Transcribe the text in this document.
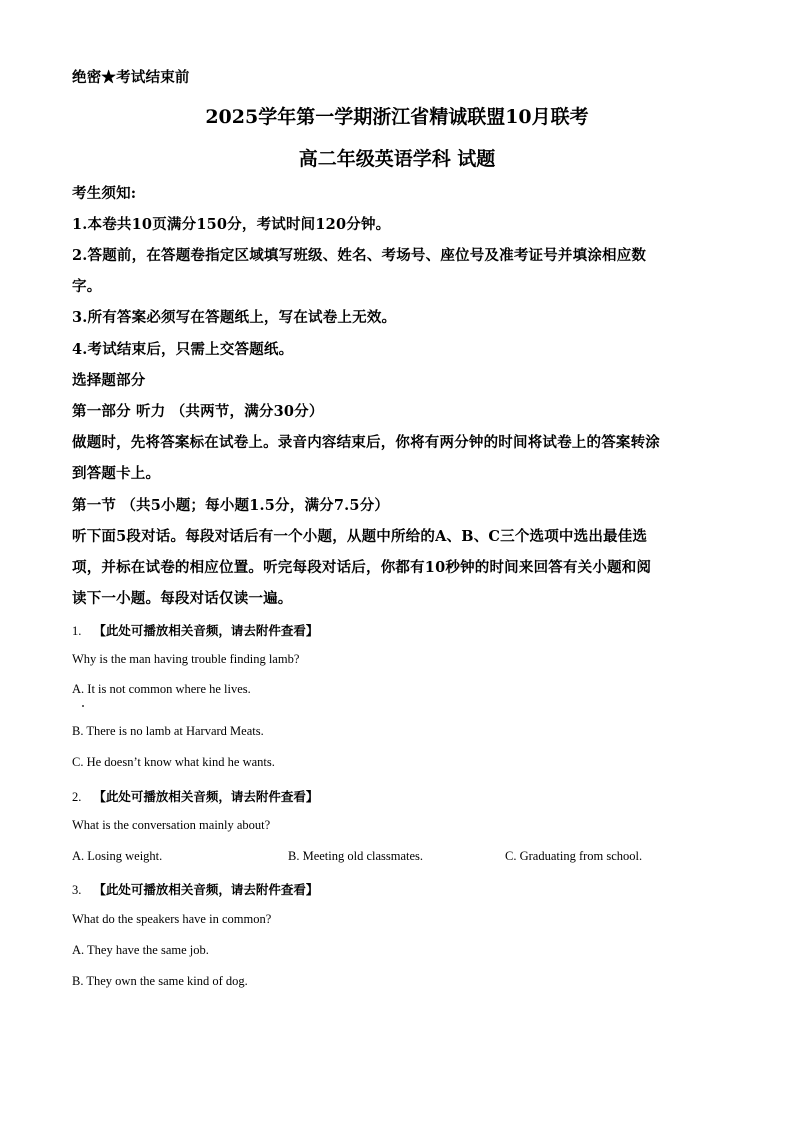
绝密★考试结束前
2025学年第一学期浙江省精诚联盟10月联考
高二年级英语学科 试题
考生须知:
1.本卷共10页满分150分，考试时间120分钟。
2.答题前，在答题卷指定区域填写班级、姓名、考场号、座位号及准考证号并填涂相应数
字。
3.所有答案必须写在答题纸上，写在试卷上无效。
4.考试结束后，只需上交答题纸。
选择题部分
第一部分 听力 （共两节，满分30分）
做题时，先将答案标在试卷上。录音内容结束后，你将有两分钟的时间将试卷上的答案转涂
到答题卡上。
第一节 （共5小题；每小题1.5分，满分7.5分）
听下面5段对话。每段对话后有一个小题，从题中所给的A、B、C三个选项中选出最佳选
项，并标在试卷的相应位置。听完每段对话后，你都有10秒钟的时间来回答有关小题和阅
读下一小题。每段对话仅读一遍。
1. 【此处可播放相关音频，请去附件查看】
Why is the man having trouble finding lamb?
A. It is not common where he lives.
B. There is no lamb at Harvard Meats.
C. He doesn’t know what kind he wants.
2. 【此处可播放相关音频，请去附件查看】
What is the conversation mainly about?
A. Losing weight.	B. Meeting old classmates.	C. Graduating from school.
3. 【此处可播放相关音频，请去附件查看】
What do the speakers have in common?
A. They have the same job.
B. They own the same kind of dog.
